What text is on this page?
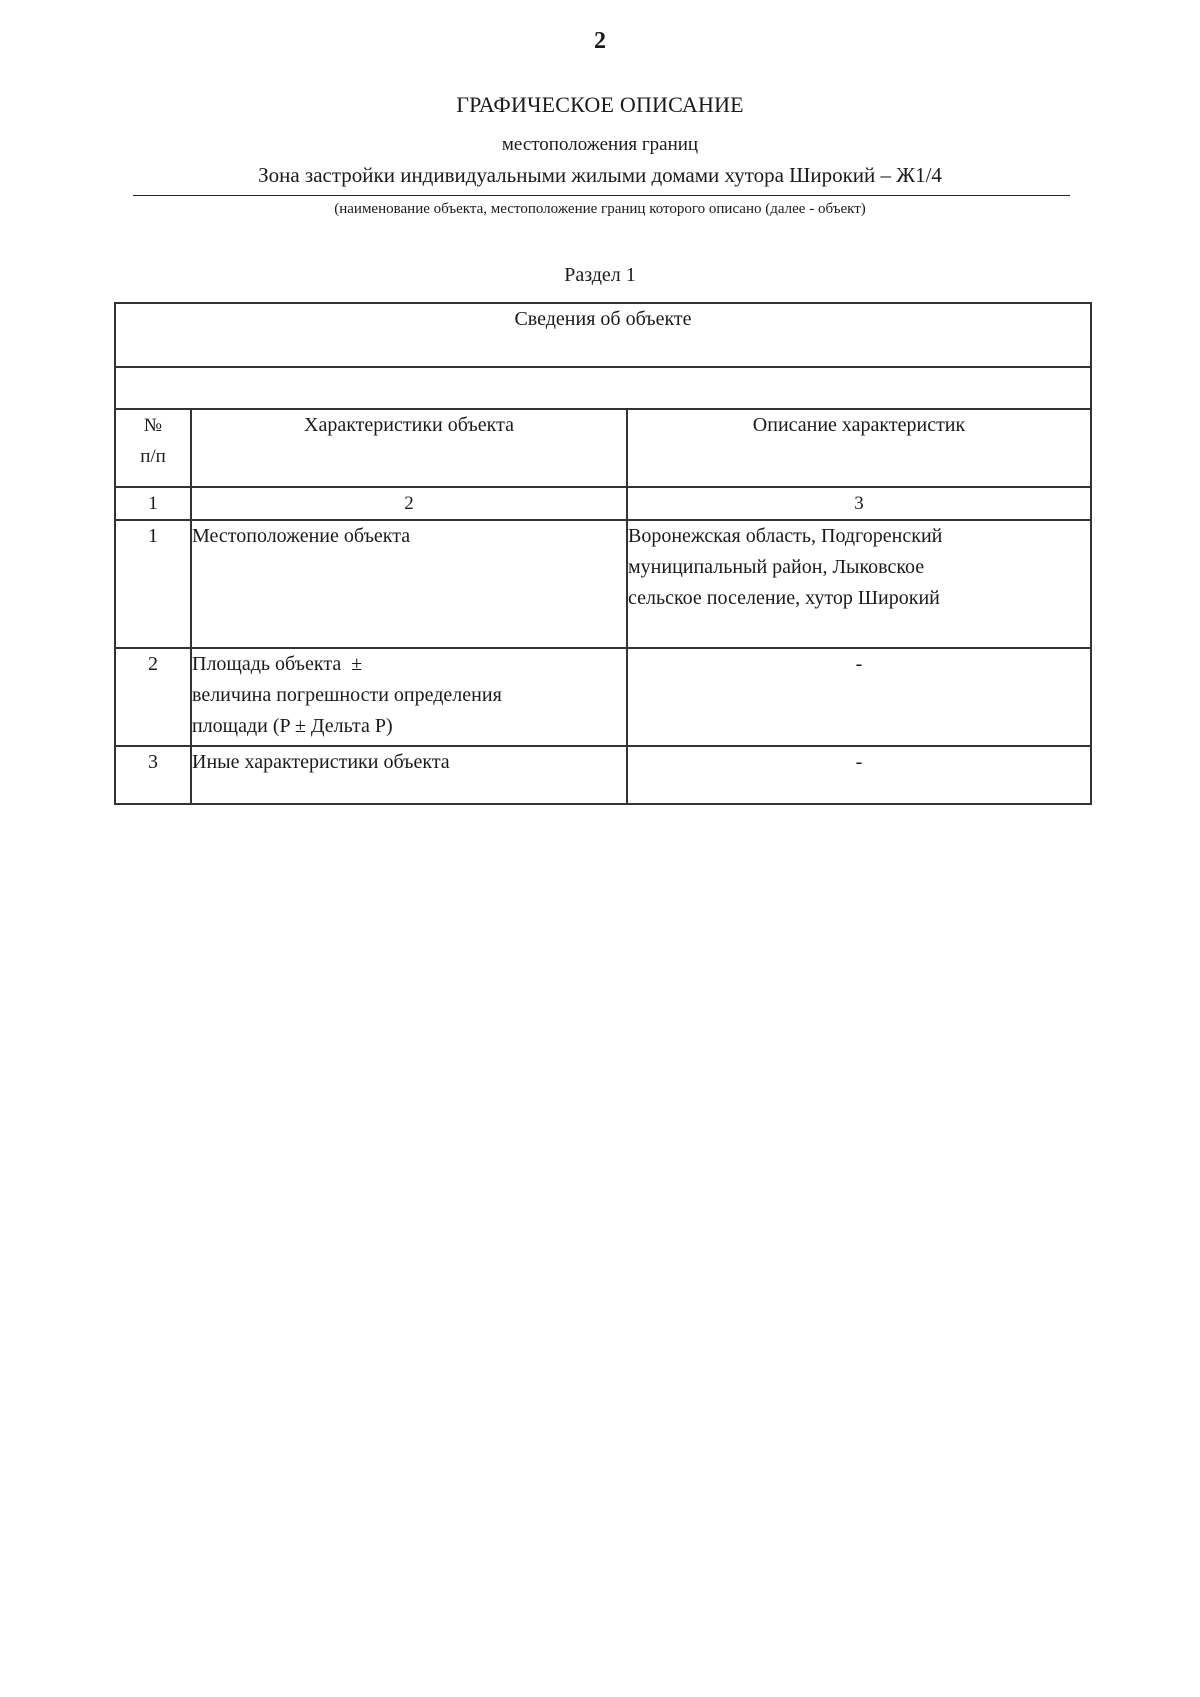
2
ГРАФИЧЕСКОЕ ОПИСАНИЕ
местоположения границ
Зона застройки индивидуальными жилыми домами хутора Широкий – Ж1/4
(наименование объекта, местоположение границ которого описано (далее - объект)
Раздел 1
Сведения об объекте		

№
п/п	Характеристики объекта	Описание характеристик
1	2	3
1	Местоположение объекта	Воронежская область, Подгоренский
муниципальный район, Лыковское
сельское поселение, хутор Широкий

2	Площадь объекта  ±
величина погрешности определения
площади (P ± Дельта P)	-
3	Иные характеристики объекта	-
